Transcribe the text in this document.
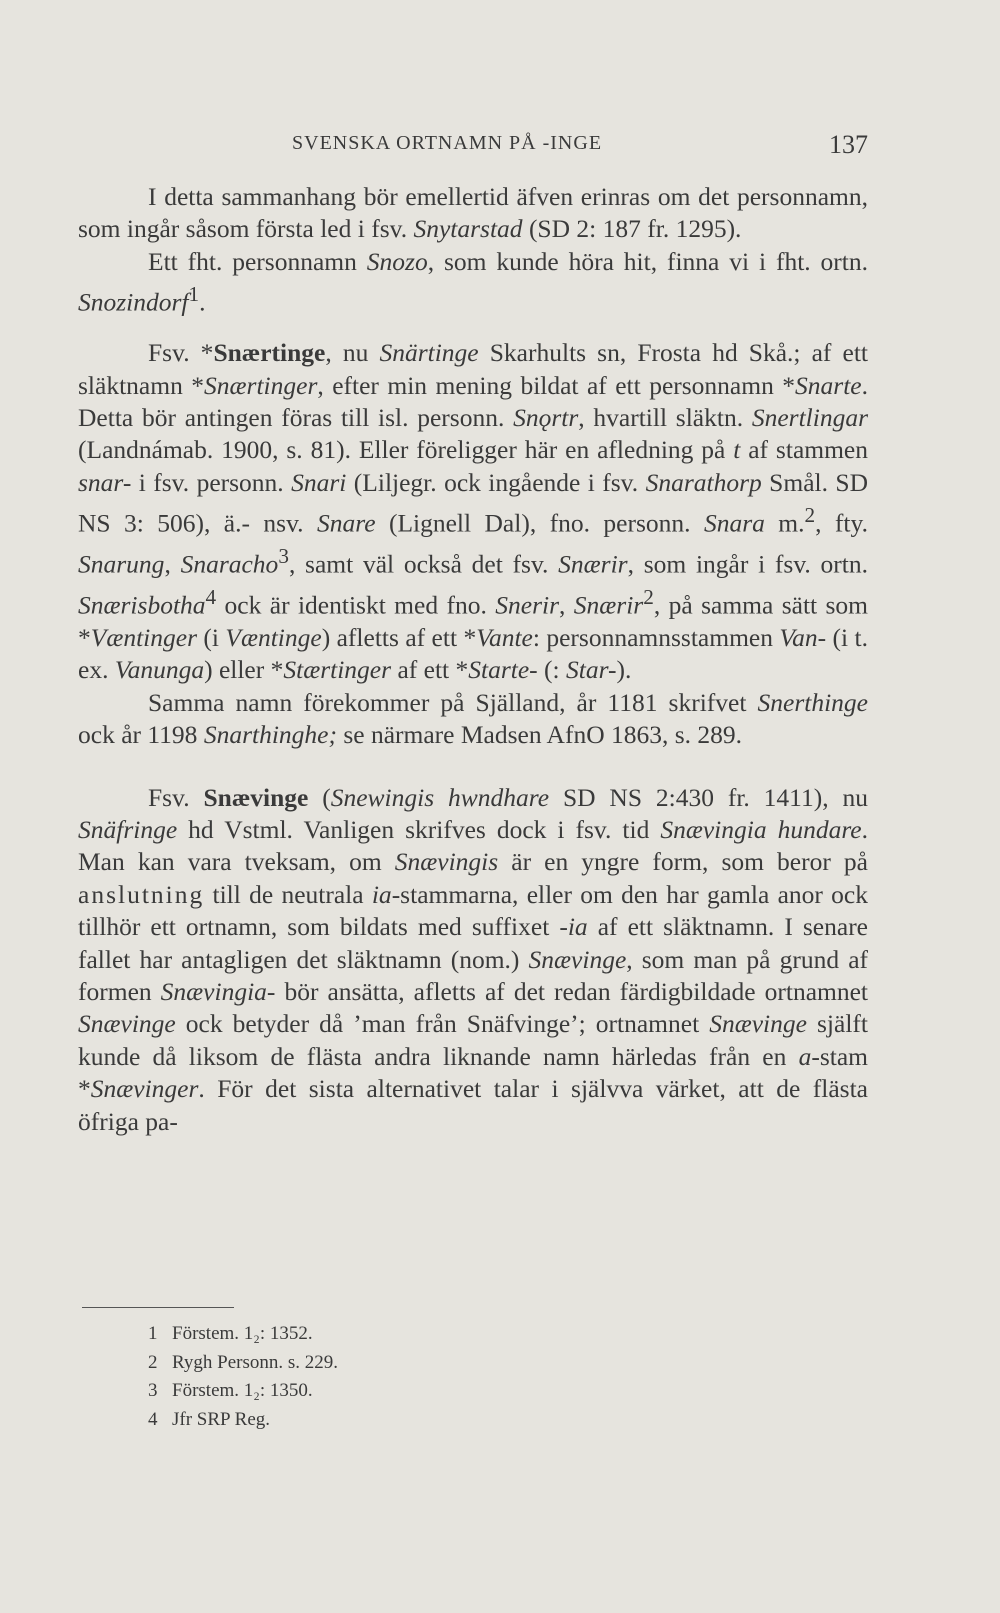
SVENSKA ORTNAMN PÅ -INGE	137

I detta sammanhang bör emellertid äfven erinras om det personnamn, som ingår såsom första led i fsv. Snytarstad (SD 2: 187 fr. 1295).

Ett fht. personnamn Snozo, som kunde höra hit, finna vi i fht. ortn. Snozindorf$^1$.

Fsv. *Snærtinge, nu Snärtinge Skarhults sn, Frosta hd Skå.; af ett släktnamn *Snærtinger, efter min mening bildat af ett personnamn *Snarte. Detta bör antingen föras till isl. personn. Snǫrtr, hvartill släktn. Snertlingar (Landnámab. 1900, s. 81). Eller föreligger här en afledning på t af stammen snar- i fsv. personn. Snari (Liljegr. ock ingående i fsv. Snarathorp Smål. SD NS 3: 506), ä.- nsv. Snare (Lignell Dal), fno. personn. Snara m.$^2$, fty. Snarung, Snaracho$^3$, samt väl också det fsv. Snærir, som ingår i fsv. ortn. Snærisbotha$^4$ ock är identiskt med fno. Snerir, Snærir$^2$, på samma sätt som *Væntinger (i Væntinge) afletts af ett *Vante: personnamnsstammen Van- (i t. ex. Vanunga) eller *Stærtinger af ett *Starte- (: Star-).

Samma namn förekommer på Själland, år 1181 skrifvet Snerthinge ock år 1198 Snarthinghe; se närmare Madsen AfnO 1863, s. 289.

Fsv. Snævinge (Snewingis hwndhare SD NS 2:430 fr. 1411), nu Snäfringe hd Vstml. Vanligen skrifves dock i fsv. tid Snævingia hundare. Man kan vara tveksam, om Snævingis är en yngre form, som beror på anslutning till de neutrala ia-stammarna, eller om den har gamla anor ock tillhör ett ortnamn, som bildats med suffixet -ia af ett släktnamn. I senare fallet har antagligen det släktnamn (nom.) Snævinge, som man på grund af formen Snævingia- bör ansätta, afletts af det redan färdigbildade ortnamnet Snævinge ock betyder då ’man från Snäfvinge’; ortnamnet Snævinge själft kunde då liksom de flästa andra liknande namn härledas från en a-stam *Snævinger. För det sista alternativet talar i självva värket, att de flästa öfriga pa-

1 Förstem. 1₂: 1352.
2 Rygh Personn. s. 229.
3 Förstem. 1₂: 1350.
4 Jfr SRP Reg.
